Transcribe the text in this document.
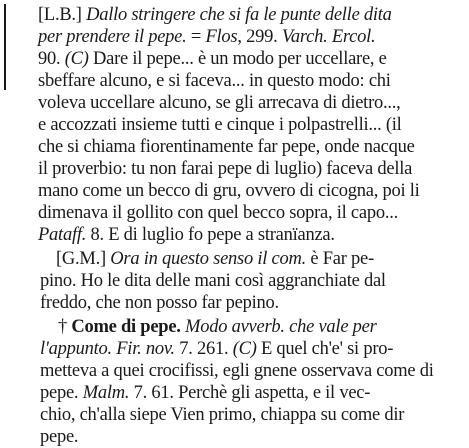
[L.B.] Dallo stringere che si fa le punte delle dita
per prendere il pepe. = Flos, 299. Varch. Ercol.
90. (C) Dare il pepe... è un modo per uccellare, e
sbeffare alcuno, e si faceva... in questo modo: chi
voleva uccellare alcuno, se gli arrecava di dietro...,
e accozzati insieme tutti e cinque i polpastrelli... (il
che si chiama fiorentinamente far pepe, onde nacque
il proverbio: tu non farai pepe di luglio) faceva della
mano come un becco di gru, ovvero di cicogna, poi li
dimenava il gollito con quel becco sopra, il capo...
Pataff. 8. E di luglio fo pepe a stranïanza.
[G.M.] Ora in questo senso il com. è Far pe-
pino. Ho le dita delle mani così aggranchiate dal
freddo, che non posso far pepino.
† Come di pepe. Modo avverb. che vale per
l'appunto. Fir. nov. 7. 261. (C) E quel ch'e' si pro-
metteva a quei crocifissi, egli gnene osservava come di
pepe. Malm. 7. 61. Perchè gli aspetta, e il vec-
chio, ch'alla siepe Vien primo, chiappa su come dir
pepe.
